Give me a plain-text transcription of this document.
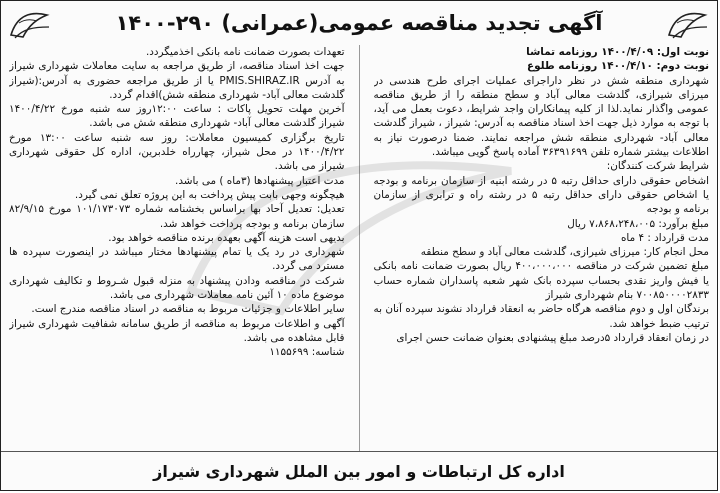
آگهی تجدید مناقصه عمومی(عمرانی) ۲۹۰-۱۴۰۰

نوبت اول: ۱۴۰۰/۴/۰۹ روزنامه تماشا

نوبت دوم: ۱۴۰۰/۴/۱۰ روزنامه طلوع

شهرداری منطقه شش در نظر داراجرای عملیات اجرای طرح هندسی در میرزای شیرازی، گلدشت معالی آباد و سطح منطقه را از طریق مناقصه عمومی واگذار نماید.لذا از کلیه پیمانکاران واجد شرایط، دعوت بعمل می آید، با توجه به موارد ذیل جهت اخذ اسناد مناقصه به آدرس: شیراز ، شیراز گلدشت معالی آباد- شهرداری منطقه شش مراجعه نمایند. ضمنا درصورت نیاز به اطلاعات بیشتر شماره تلفن ۳۶۳۹۱۶۹۹ آماده پاسخ گویی میباشد.

شرایط شرکت کنندگان:

اشخاص حقوقی دارای حداقل رتبه ۵ در رشته ابنیه از سازمان برنامه و بودجه یا اشخاص حقوقی دارای حداقل رتبه ۵ در رشته راه و ترابری از سازمان برنامه و بودجه

مبلغ برآورد: ۷،۸۶۸،۲۴۸،۰۰۵ ریال

مدت قرارداد : ۴ ماه

محل انجام کار: میرزای شیرازی، گلدشت معالی آباد و سطح منطقه

مبلغ تضمین شرکت در مناقصه ۴۰۰،۰۰۰،۰۰۰ ریال بصورت ضمانت نامه بانکی یا فیش واریز نقدی بحساب سپرده بانک شهر شعبه پاسداران شماره حساب ۷۰۰۸۵۰۰۰۰۲۸۳۳ بنام شهرداری شیراز

برندگان اول و دوم مناقصه هرگاه حاضر به انعقاد قرارداد نشوند سپرده آنان به ترتیب ضبط خواهد شد.

در زمان انعقاد قرارداد ۵درصد مبلغ پیشنهادی بعنوان ضمانت حسن اجرای

تعهدات بصورت ضمانت نامه بانکی اخذمیگردد.

جهت اخذ اسناد مناقصه، از طریق مراجعه به سایت معاملات شهرداری شیراز به آدرس PMIS.SHIRAZ.IR یا از طریق مراجعه حضوری به آدرس:(شیراز گلدشت معالی آباد- شهرداری منطقه شش)اقدام گردد.

آخرین مهلت تحویل پاکات : ساعت ۱۲:۰۰روز سه شنبه مورخ ۱۴۰۰/۴/۲۲ شیراز گلدشت معالی آباد- شهرداری منطقه شش می باشد.

تاریخ برگزاری کمیسیون معاملات: روز سه شنبه ساعت ۱۳:۰۰ مورخ ۱۴۰۰/۴/۲۲ در محل شیراز، چهارراه خلدبرین، اداره کل حقوقی شهرداری شیراز می باشد.

مدت اعتبار پیشنهادها (۳ماه ) می باشد.

هیچگونه وجهی بابت پیش پرداخت به این پروژه تعلق نمی گیرد.

تعدیل: تعدیل آحاد بها براساس بخشنامه شماره ۱۰۱/۱۷۳۰۷۳ مورخ ۸۲/۹/۱۵ سازمان برنامه و بودجه پرداخت خواهد شد.

بدیهی است هزینه آگهی بعهده برنده مناقصه خواهد بود.

شهرداری در رد یک یا تمام پیشنهادها مختار میباشد در اینصورت سپرده ها مسترد می گردد.

شرکت در مناقصه ودادن پیشنهاد به منزله قبول شـروط و تکالیف شهرداری موضوع ماده ۱۰ آئین نامه معاملات شهرداری می باشد.

سایر اطلاعات و جزئیات مربوط به مناقصه در اسناد مناقصه مندرج است.

آگهی و اطلاعات مربوط به مناقصه از طریق سامانه شفافیت شهرداری شیراز قابل مشاهده می باشد.

شناسه: ۱۱۵۵۶۹۹

اداره کل ارتباطات و امور بین الملل شهرداری شیراز
